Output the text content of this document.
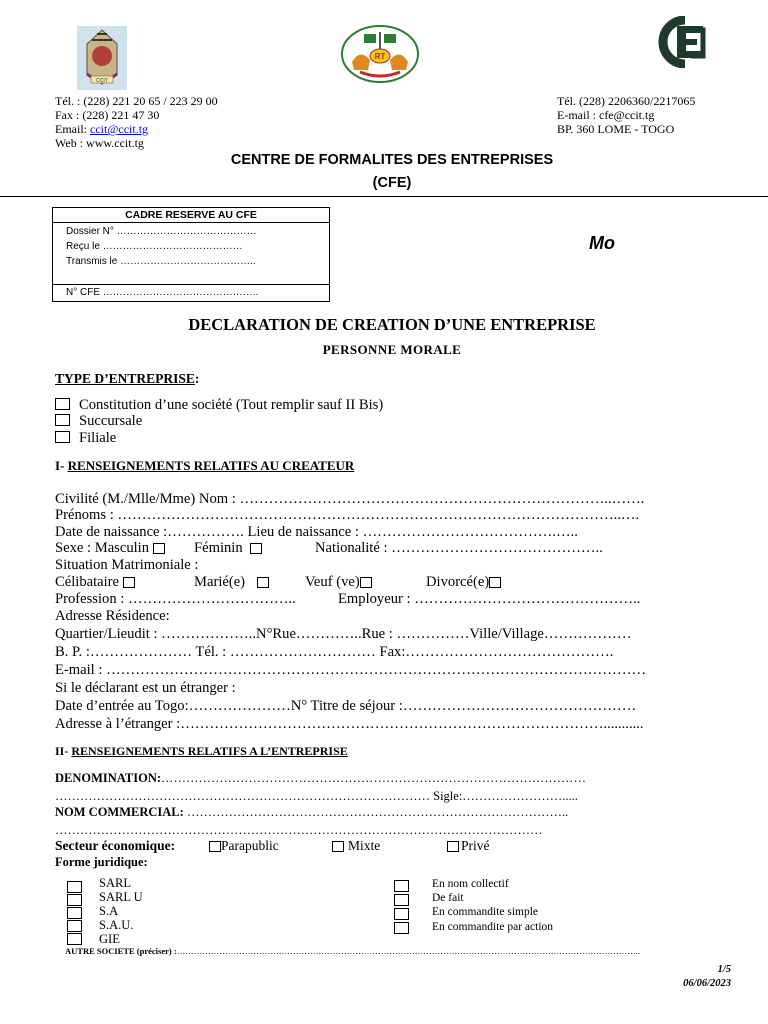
CCIT
RT
Tél. : (228) 221 20 65 / 223 29 00
Fax : (228) 221 47 30
Email: ccit@ccit.tg
Web : www.ccit.tg
Tél. (228) 2206360/2217065
E-mail : cfe@ccit.tg
BP. 360 LOME - TOGO
CENTRE DE FORMALITES DES ENTREPRISES
(CFE)
CADRE RESERVE AU CFE
Dossier N° ……………………………………
Reçu le ……………………………………
Transmis le …………………………………..
N° CFE ………………………………………..
Mo
DECLARATION DE CREATION D’UNE ENTREPRISE
PERSONNE MORALE
TYPE D’ENTREPRISE:
Constitution d’une société (Tout remplir sauf II Bis)
Succursale
Filiale
I- RENSEIGNEMENTS RELATIFS AU CREATEUR
Civilité (M./Mlle/Mme) Nom : …………………………………………………………………..…….
Prénoms : …………………………………………………………………………………………..….
Date de naissance :……………. Lieu de naissance : ………………………………….…..
Sexe : Masculin	Féminin	Nationalité : ……………………………………..
Situation Matrimoniale :
Célibataire	Marié(e)	Veuf (ve)	Divorcé(e)
Profession : ……………………………..	Employeur : ………………………………………..
Adresse Résidence:
Quartier/Lieudit : ………………..N°Rue…………..Rue : ……………Ville/Village………………
B. P. :………………… Tél. : ………………………… Fax:…………………………………….
E-mail : …………………………………………………………………………………………………
Si le déclarant est un étranger :
Date d’entrée au Togo:…………………N° Titre de séjour :…………………………………………
Adresse à l’étranger :……………………………………………………………………………...........
II- RENSEIGNEMENTS RELATIFS A L’ENTREPRISE
DENOMINATION:…………………………………………………………………………………………
……………………………………………………………………………… Sigle:…………………….....
NOM COMMERCIAL: ………………………………………………………………………………..
………………………………………………………………………………………………………
Secteur économique:	Parapublic	Mixte	Privé
Forme juridique:
SARL
SARL U
S.A
S.A.U.
GIE
En nom collectif
De fait
En commandite simple
En commandite par action
AUTRE SOCIETE (préciser) :………………………………………………………………………………………………………………………………………………..
1/5
06/06/2023
